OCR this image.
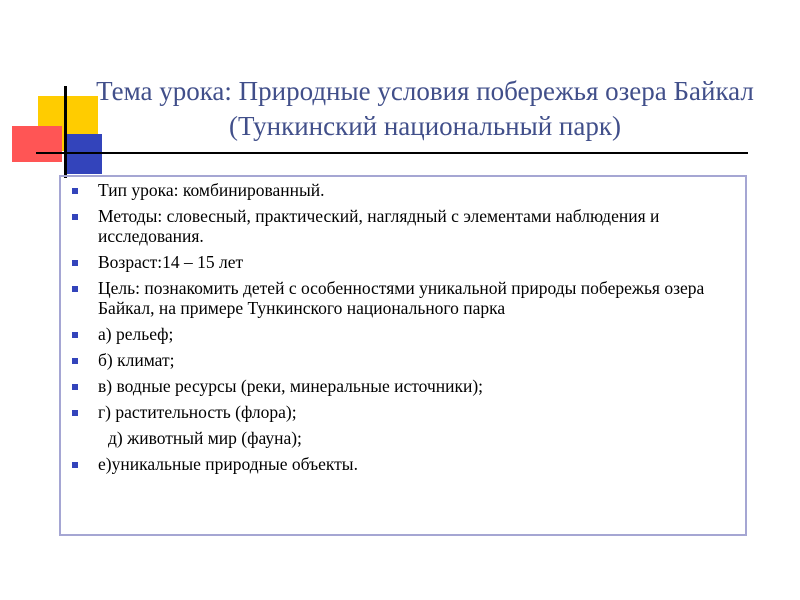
Тема урока: Природные условия побережья озера Байкал (Тункинский национальный парк)
Тип урока: комбинированный.
Методы: словесный, практический, наглядный с элементами наблюдения и исследования.
Возраст:14 – 15 лет
Цель: познакомить детей с особенностями уникальной природы побережья озера Байкал, на примере Тункинского национального парка
а) рельеф;
б) климат;
в) водные ресурсы (реки, минеральные источники);
г) растительность (флора);
д) животный мир (фауна);
е)уникальные природные объекты.
